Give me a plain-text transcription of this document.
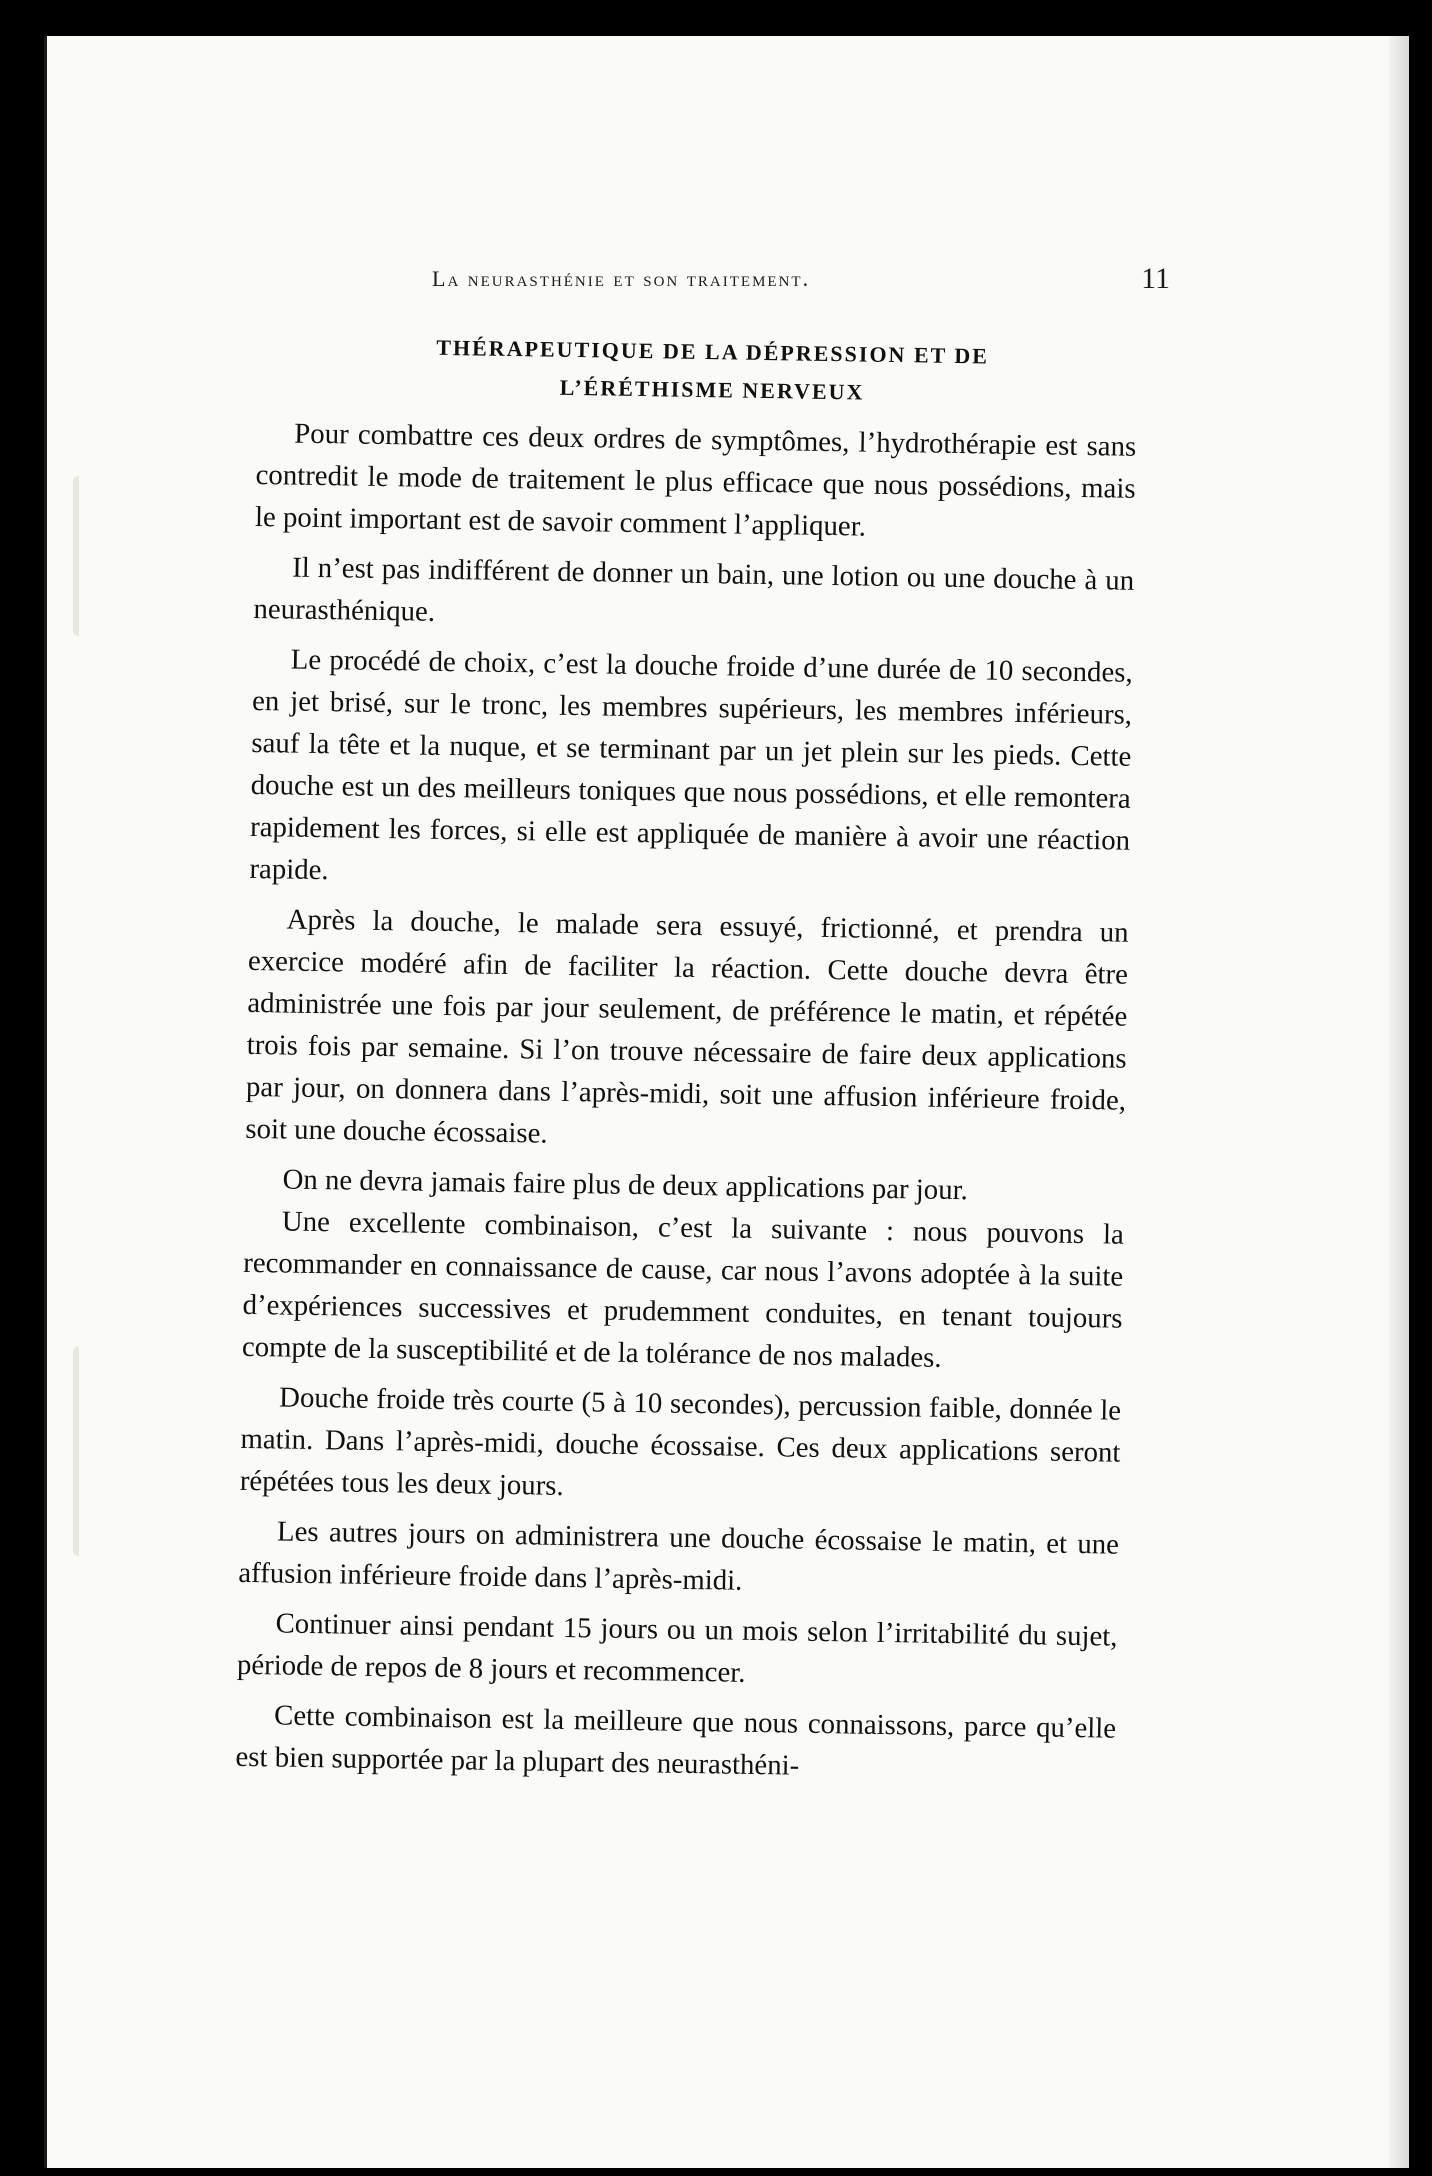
La neurasthénie et son traitement.	11
THÉRAPEUTIQUE DE LA DÉPRESSION ET DE
L’ÉRÉTHISME NERVEUX

Pour combattre ces deux ordres de symptômes, l’hydrothérapie est sans contredit le mode de traitement le plus efficace que nous possédions, mais le point important est de savoir comment l’appliquer.

Il n’est pas indifférent de donner un bain, une lotion ou une douche à un neurasthénique.

Le procédé de choix, c’est la douche froide d’une durée de 10 secondes, en jet brisé, sur le tronc, les membres supérieurs, les membres inférieurs, sauf la tête et la nuque, et se terminant par un jet plein sur les pieds. Cette douche est un des meilleurs toniques que nous possédions, et elle remontera rapidement les forces, si elle est appliquée de manière à avoir une réaction rapide.

Après la douche, le malade sera essuyé, frictionné, et prendra un exercice modéré afin de faciliter la réaction. Cette douche devra être administrée une fois par jour seulement, de préférence le matin, et répétée trois fois par semaine. Si l’on trouve nécessaire de faire deux applications par jour, on donnera dans l’après-midi, soit une affusion inférieure froide, soit une douche écossaise.

On ne devra jamais faire plus de deux applications par jour.

Une excellente combinaison, c’est la suivante : nous pouvons la recommander en connaissance de cause, car nous l’avons adoptée à la suite d’expériences successives et prudemment conduites, en tenant toujours compte de la susceptibilité et de la tolérance de nos malades.

Douche froide très courte (5 à 10 secondes), percussion faible, donnée le matin. Dans l’après-midi, douche écossaise. Ces deux applications seront répétées tous les deux jours.

Les autres jours on administrera une douche écossaise le matin, et une affusion inférieure froide dans l’après-midi.

Continuer ainsi pendant 15 jours ou un mois selon l’irritabilité du sujet, période de repos de 8 jours et recommencer.

Cette combinaison est la meilleure que nous connaissons, parce qu’elle est bien supportée par la plupart des neurasthéni-
